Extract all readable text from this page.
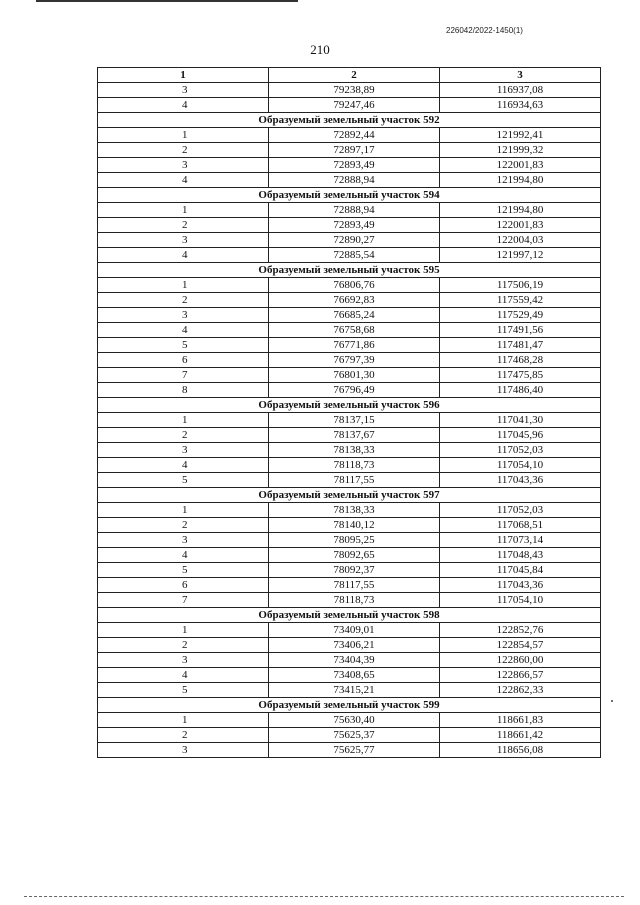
226042/2022-1450(1)
210
1	2	3
3	79238,89	116937,08
4	79247,46	116934,63
Образуемый земельный участок 592		
1	72892,44	121992,41
2	72897,17	121999,32
3	72893,49	122001,83
4	72888,94	121994,80
Образуемый земельный участок 594		
1	72888,94	121994,80
2	72893,49	122001,83
3	72890,27	122004,03
4	72885,54	121997,12
Образуемый земельный участок 595		
1	76806,76	117506,19
2	76692,83	117559,42
3	76685,24	117529,49
4	76758,68	117491,56
5	76771,86	117481,47
6	76797,39	117468,28
7	76801,30	117475,85
8	76796,49	117486,40
Образуемый земельный участок 596		
1	78137,15	117041,30
2	78137,67	117045,96
3	78138,33	117052,03
4	78118,73	117054,10
5	78117,55	117043,36
Образуемый земельный участок 597		
1	78138,33	117052,03
2	78140,12	117068,51
3	78095,25	117073,14
4	78092,65	117048,43
5	78092,37	117045,84
6	78117,55	117043,36
7	78118,73	117054,10
Образуемый земельный участок 598		
1	73409,01	122852,76
2	73406,21	122854,57
3	73404,39	122860,00
4	73408,65	122866,57
5	73415,21	122862,33
Образуемый земельный участок 599		
1	75630,40	118661,83
2	75625,37	118661,42
3	75625,77	118656,08
